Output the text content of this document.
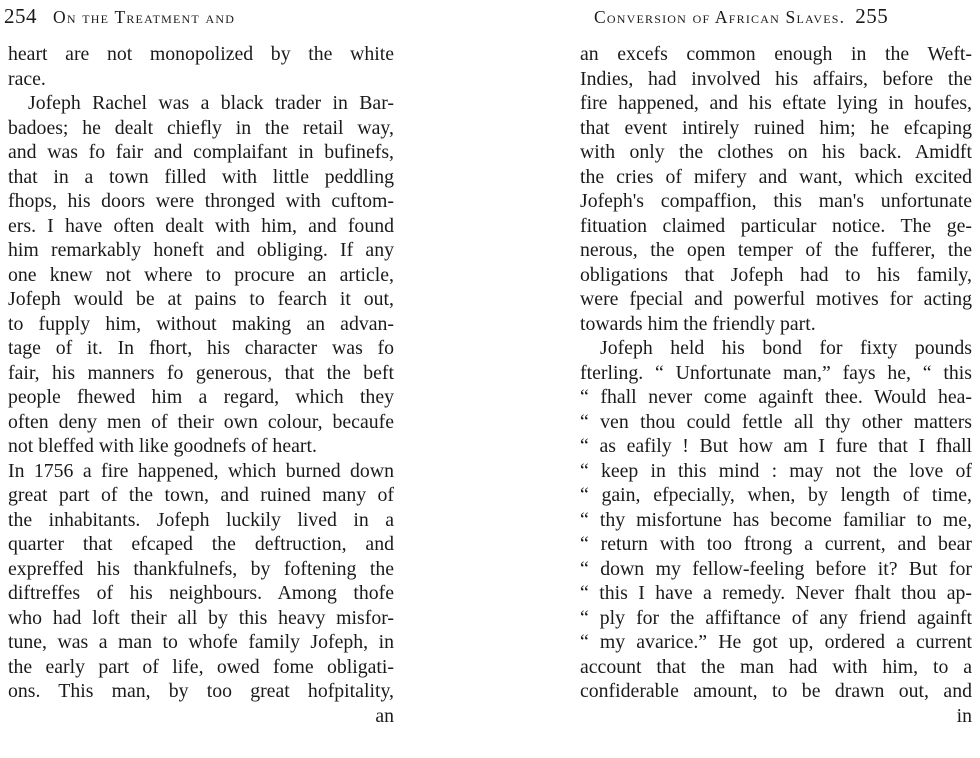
254 On the Treatment and
heart are not monopolized by the white
race.
Jofeph Rachel was a black trader in Bar-
badoes; he dealt chiefly in the retail way,
and was fo fair and complaifant in bufinefs,
that in a town filled with little peddling
fhops, his doors were thronged with cuftom-
ers. I have often dealt with him, and found
him remarkably honeft and obliging. If any
one knew not where to procure an article,
Jofeph would be at pains to fearch it out,
to fupply him, without making an advan-
tage of it. In fhort, his character was fo
fair, his manners fo generous, that the beft
people fhewed him a regard, which they
often deny men of their own colour, becaufe
not bleffed with like goodnefs of heart.
In 1756 a fire happened, which burned down
great part of the town, and ruined many of
the inhabitants. Jofeph luckily lived in a
quarter that efcaped the deftruction, and
expreffed his thankfulnefs, by foftening the
diftreffes of his neighbours. Among thofe
who had loft their all by this heavy misfor-
tune, was a man to whofe family Jofeph, in
the early part of life, owed fome obligati-
ons. This man, by too great hofpitality,
an
Conversion of African Slaves. 255
an excefs common enough in the Weft-
Indies, had involved his affairs, before the
fire happened, and his eftate lying in houfes,
that event intirely ruined him; he efcaping
with only the clothes on his back. Amidft
the cries of mifery and want, which excited
Jofeph's compaffion, this man's unfortunate
fituation claimed particular notice. The ge-
nerous, the open temper of the fufferer, the
obligations that Jofeph had to his family,
were fpecial and powerful motives for acting
towards him the friendly part.
Jofeph held his bond for fixty pounds
fterling. “ Unfortunate man,” fays he, “ this
“ fhall never come againft thee. Would hea-
“ ven thou could fettle all thy other matters
“ as eafily ! But how am I fure that I fhall
“ keep in this mind : may not the love of
“ gain, efpecially, when, by length of time,
“ thy misfortune has become familiar to me,
“ return with too ftrong a current, and bear
“ down my fellow-feeling before it? But for
“ this I have a remedy. Never fhalt thou ap-
“ ply for the affiftance of any friend againft
“ my avarice.” He got up, ordered a current
account that the man had with him, to a
confiderable amount, to be drawn out, and
in
